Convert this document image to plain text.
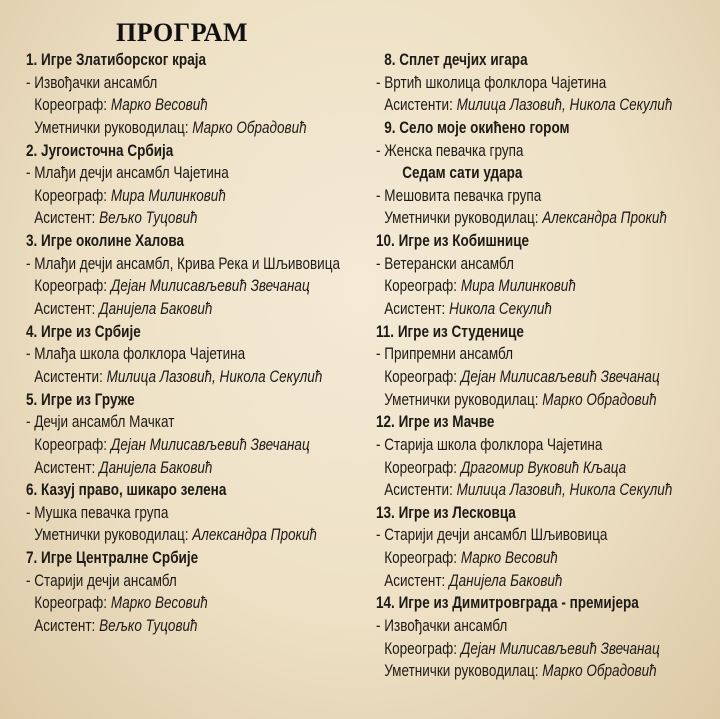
ПРОГРАМ
1. Игре Златиборског краја
- Извођачки ансамбл
Кореограф: Марко Весовић
Уметнички руководилац: Марко Обрадовић
2. Југоисточна Србија
- Млађи дечји ансамбл Чајетина
Кореограф: Мира Милинковић
Асистент: Вељко Туцовић
3. Игре околине Халова
- Млађи дечји ансамбл, Крива Река и Шљивовица
Кореограф: Дејан Милисављевић Звечанац
Асистент: Данијела Баковић
4. Игре из Србије
- Млађа школа фолклора Чајетина
Асистенти: Милица Лазовић, Никола Секулић
5. Игре из Груже
- Дечји ансамбл Мачкат
Кореограф: Дејан Милисављевић Звечанац
Асистент: Данијела Баковић
6. Казуј право, шикаро зелена
- Мушка певачка група
Уметнички руководилац: Александра Прокић
7. Игре Централне Србије
- Старији дечји ансамбл
Кореограф: Марко Весовић
Асистент: Вељко Туцовић
8. Сплет дечјих игара
- Вртић школица фолклора Чајетина
Асистенти: Милица Лазовић, Никола Секулић
9. Село моје окићено гором
- Женска певачка група
Седам сати удара
- Мешовита певачка група
Уметнички руководилац: Александра Прокић
10. Игре из Кобишнице
- Ветерански ансамбл
Кореограф: Мира Милинковић
Асистент: Никола Секулић
11. Игре из Студенице
- Припремни ансамбл
Кореограф: Дејан Милисављевић Звечанац
Уметнички руководилац: Марко Обрадовић
12. Игре из Мачве
- Старија школа фолклора Чајетина
Кореограф: Драгомир Вуковић Кљаца
Асистенти: Милица Лазовић, Никола Секулић
13. Игре из Лесковца
- Старији дечји ансамбл Шљивовица
Кореограф: Марко Весовић
Асистент: Данијела Баковић
14. Игре из Димитровграда - премијера
- Извођачки ансамбл
Кореограф: Дејан Милисављевић Звечанац
Уметнички руководилац: Марко Обрадовић
